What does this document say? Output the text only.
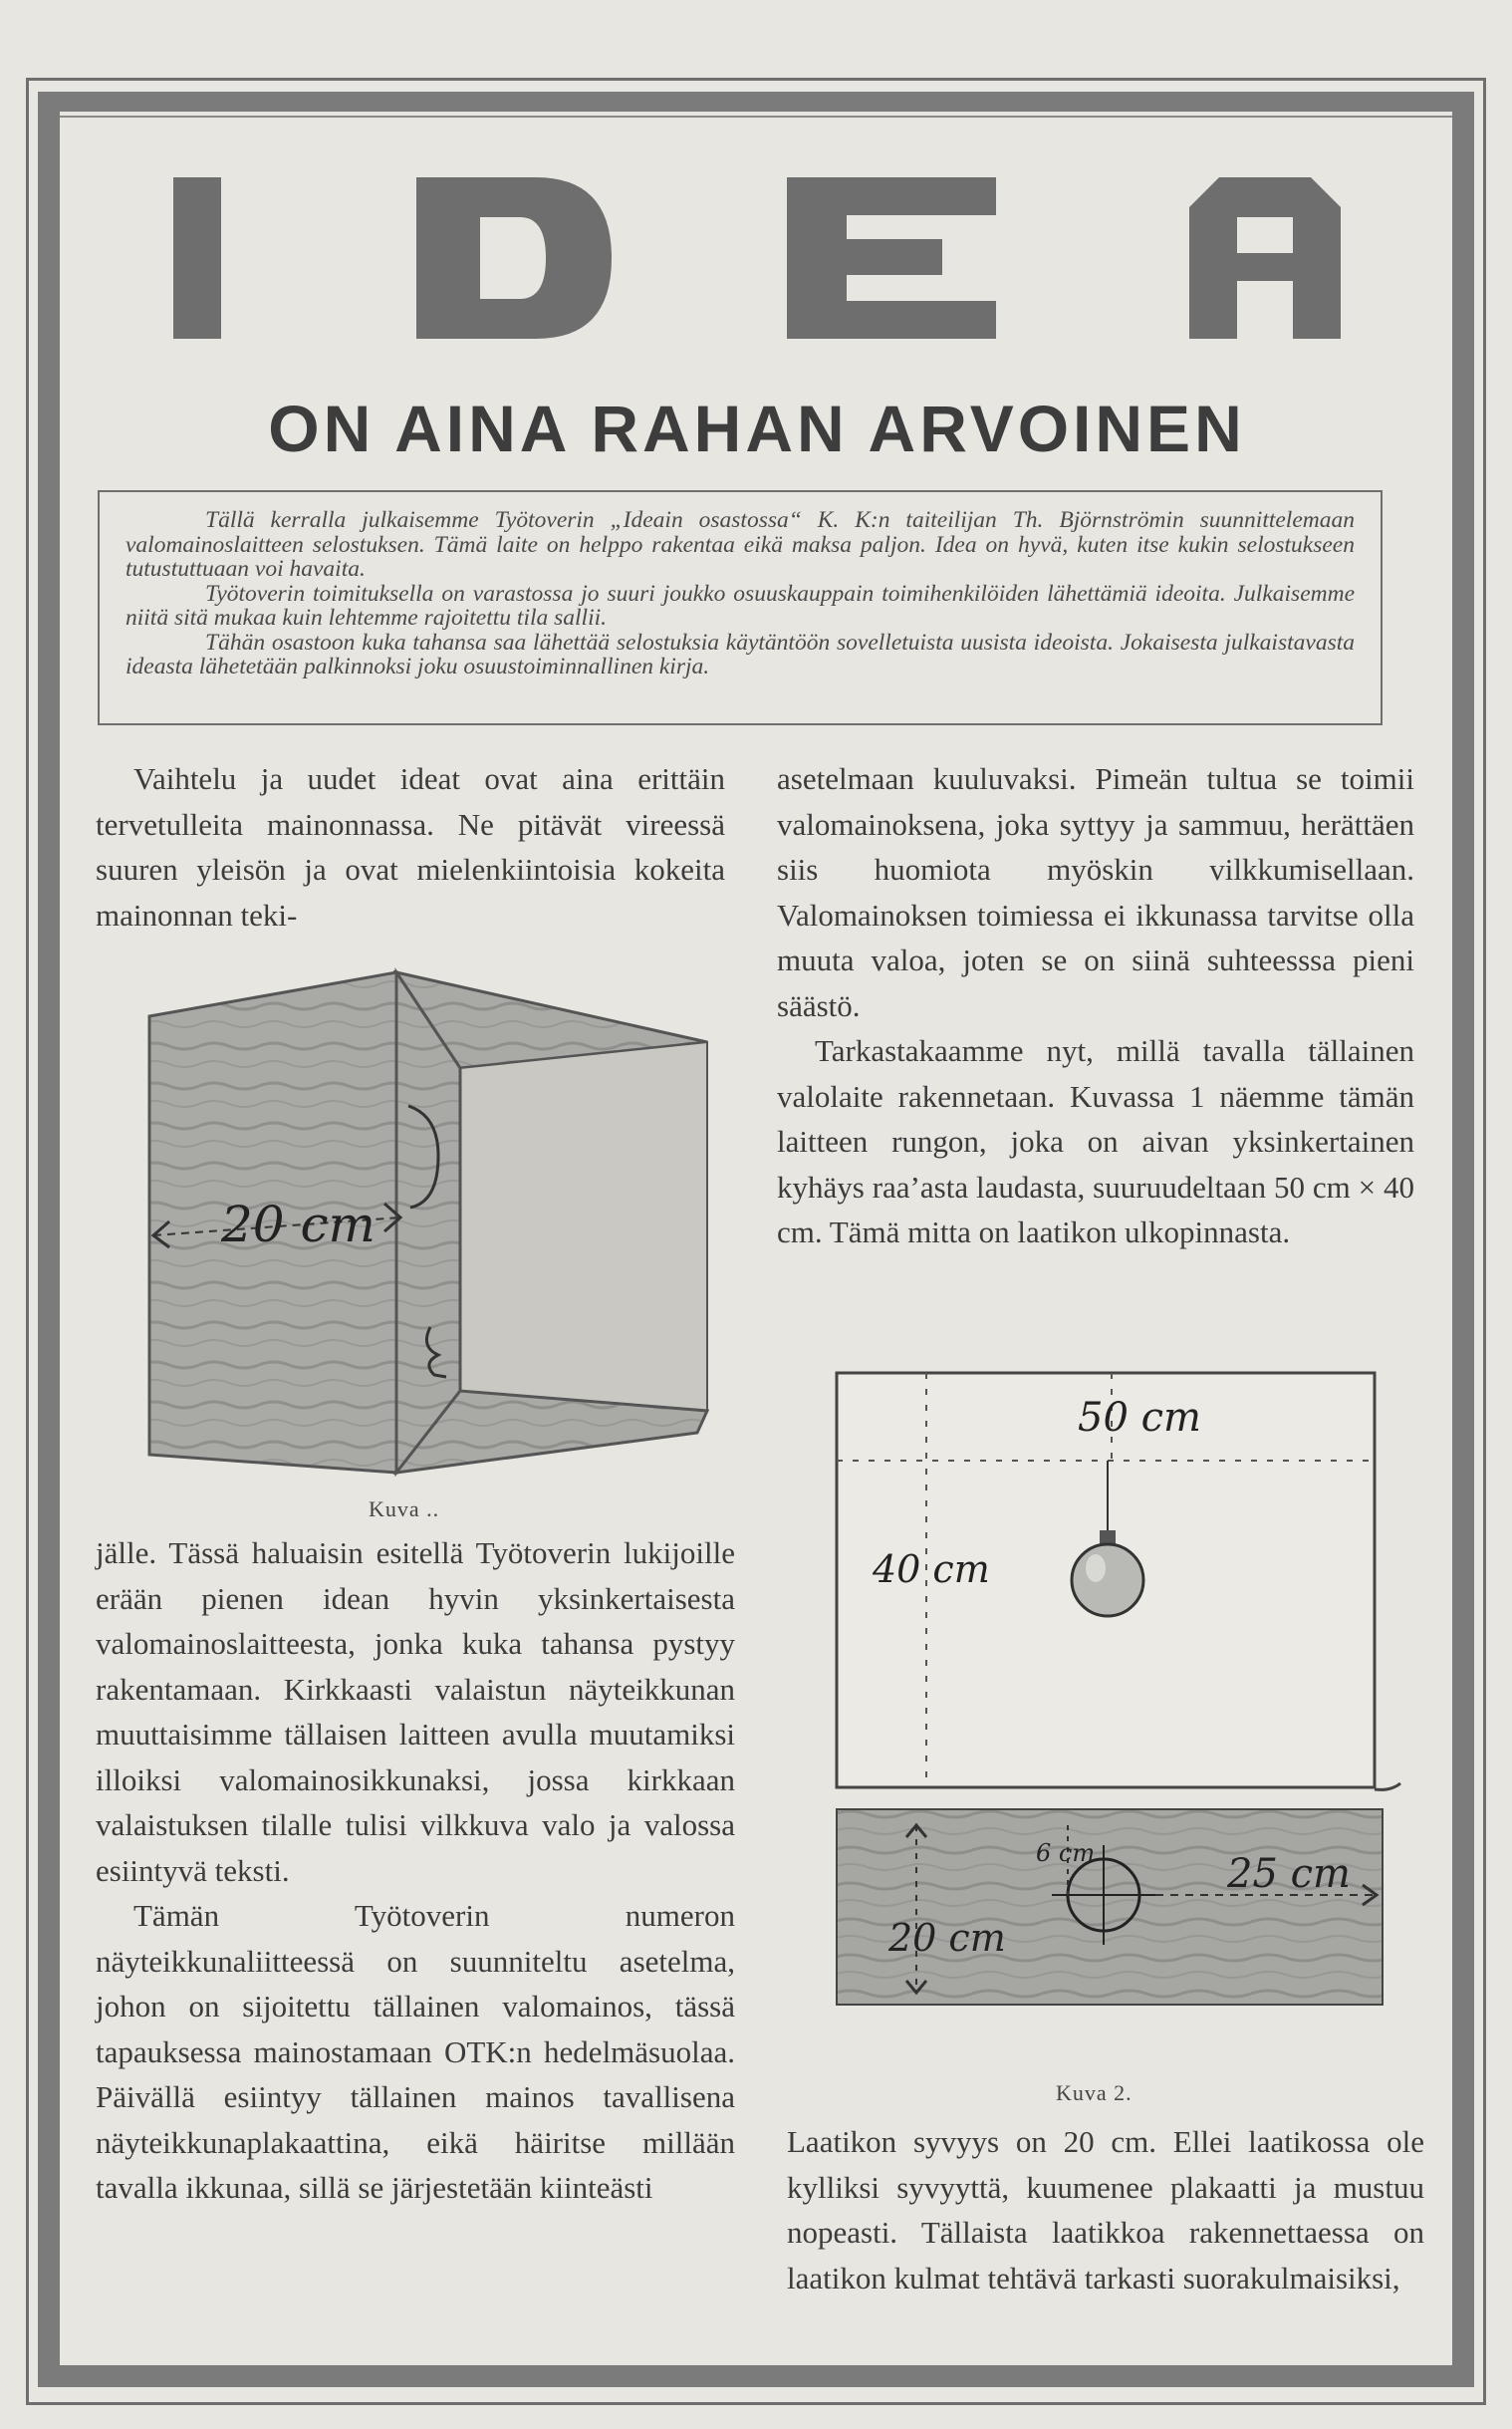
ON AINA RAHAN ARVOINEN

Tällä kerralla julkaisemme Työtoverin „Ideain osastossa“ K. K:n taiteilijan Th. Björnströmin suunnittelemaan valomainoslaitteen selostuksen. Tämä laite on helppo rakentaa eikä maksa paljon. Idea on hyvä, kuten itse kukin selostukseen tutustuttuaan voi havaita.

Työtoverin toimituksella on varastossa jo suuri joukko osuuskauppain toimihenkilöiden lähettämiä ideoita. Julkaisemme niitä sitä mukaa kuin lehtemme rajoitettu tila sallii.

Tähän osastoon kuka tahansa saa lähettää selostuksia käytäntöön sovelletuista uusista ideoista. Jokaisesta julkaistavasta ideasta lähetetään palkinnoksi joku osuustoiminnallinen kirja.

Vaihtelu ja uudet ideat ovat aina erittäin tervetulleita mainonnassa. Ne pitävät vireessä suuren yleisön ja ovat mielenkiintoisia kokeita mainonnan teki-

20 cm
Kuva ..

jälle. Tässä haluaisin esitellä Työtoverin lukijoille erään pienen idean hyvin yksinkertaisesta valomainoslaitteesta, jonka kuka tahansa pystyy rakentamaan. Kirkkaasti valaistun näyteikkunan muuttaisimme tällaisen laitteen avulla muutamiksi illoiksi valomainosikkunaksi, jossa kirkkaan valaistuksen tilalle tulisi vilkkuva valo ja valossa esiintyvä teksti.

Tämän Työtoverin numeron näyteikkunaliitteessä on suunniteltu asetelma, johon on sijoitettu tällainen valomainos, tässä tapauksessa mainostamaan OTK:n hedelmäsuolaa. Päivällä esiintyy tällainen mainos tavallisena näyteikkunaplakaattina, eikä häiritse millään tavalla ikkunaa, sillä se järjestetään kiinteästi

asetelmaan kuuluvaksi. Pimeän tultua se toimii valomainoksena, joka syttyy ja sammuu, herättäen siis huomiota myöskin vilkkumisellaan. Valomainoksen toimiessa ei ikkunassa tarvitse olla muuta valoa, joten se on siinä suhteesssa pieni säästö.

Tarkastakaamme nyt, millä tavalla tällainen valolaite rakennetaan. Kuvassa 1 näemme tämän laitteen rungon, joka on aivan yksinkertainen kyhäys raa’asta laudasta, suuruudeltaan 50 cm × 40 cm. Tämä mitta on laatikon ulkopinnasta.

50 cm
40 cm
6 cm	25 cm
20 cm
Kuva 2.

Laatikon syvyys on 20 cm. Ellei laatikossa ole kylliksi syvyyttä, kuumenee plakaatti ja mustuu nopeasti. Tällaista laatikkoa rakennettaessa on laatikon kulmat tehtävä tarkasti suorakulmaisiksi,
